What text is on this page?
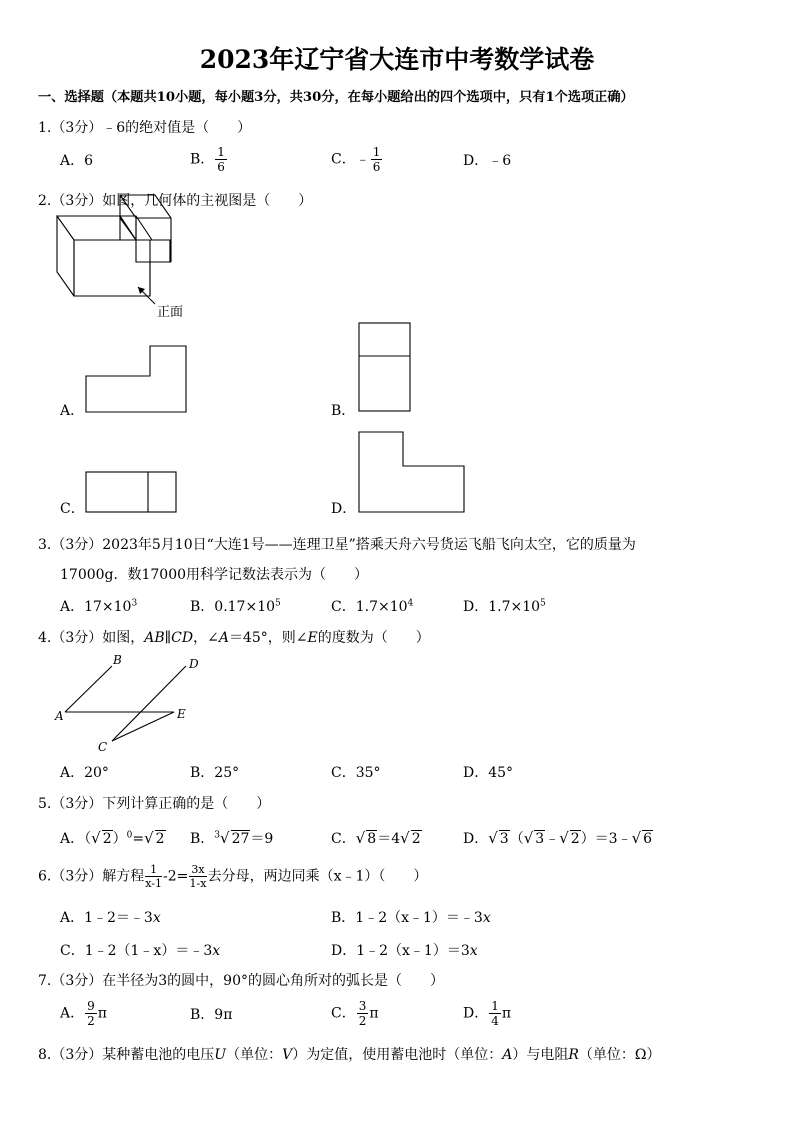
2023年辽宁省大连市中考数学试卷
一、选择题（本题共10小题，每小题3分，共30分，在每小题给出的四个选项中，只有1个选项正确）
1.（3分）﹣6的绝对值是（　　）
A．6	B． $\frac{1}{6}$	C．﹣ $\frac{1}{6}$	D．﹣6
2.（3分）如图，几何体的主视图是（　　）
正面
A．	B．
C．	D．
3.（3分）2023年5月10日“大连1号——连理卫星”搭乘天舟六号货运飞船飞向太空，它的质量为
17000g．数17000用科学记数法表示为（　　）
A．$17\times 10^3$	B．$0.17\times 10^5$	C．$1.7\times 10^4$	D．$1.7\times 10^5$
4.（3分）如图，AB∥CD，∠A＝45°，则∠E的度数为（　　）
B	D
A	E
C
A．20°	B．25°	C．35°	D．45°
5.（3分）下列计算正确的是（　　）
A．（√ 2）$^0$=√ 2 B．$^3$√ 27＝9	C．√ 8＝4√ 2	D．√ 3（√ 3﹣√ 2）＝3﹣√ 6
6.（3分）解方程 $\frac{1}{x-1} -2= \frac{3x}{1-x}$ 去分母，两边同乘（x﹣1）（　　）
A．1﹣2＝﹣3x	B．1﹣2（x﹣1）＝﹣3x
C．1﹣2（1﹣x）＝﹣3x	D．1﹣2（x﹣1）＝3x
7.（3分）在半径为3的圆中，90°的圆心角所对的弧长是（　　）
A． $\frac{9}{2}$ π	B．9π	C． $\frac{3}{2}$ π	D． $\frac{1}{4}$ π
8.（3分）某种蓄电池的电压U（单位：V）为定值，使用蓄电池时（单位：A）与电阻R（单位：Ω）
